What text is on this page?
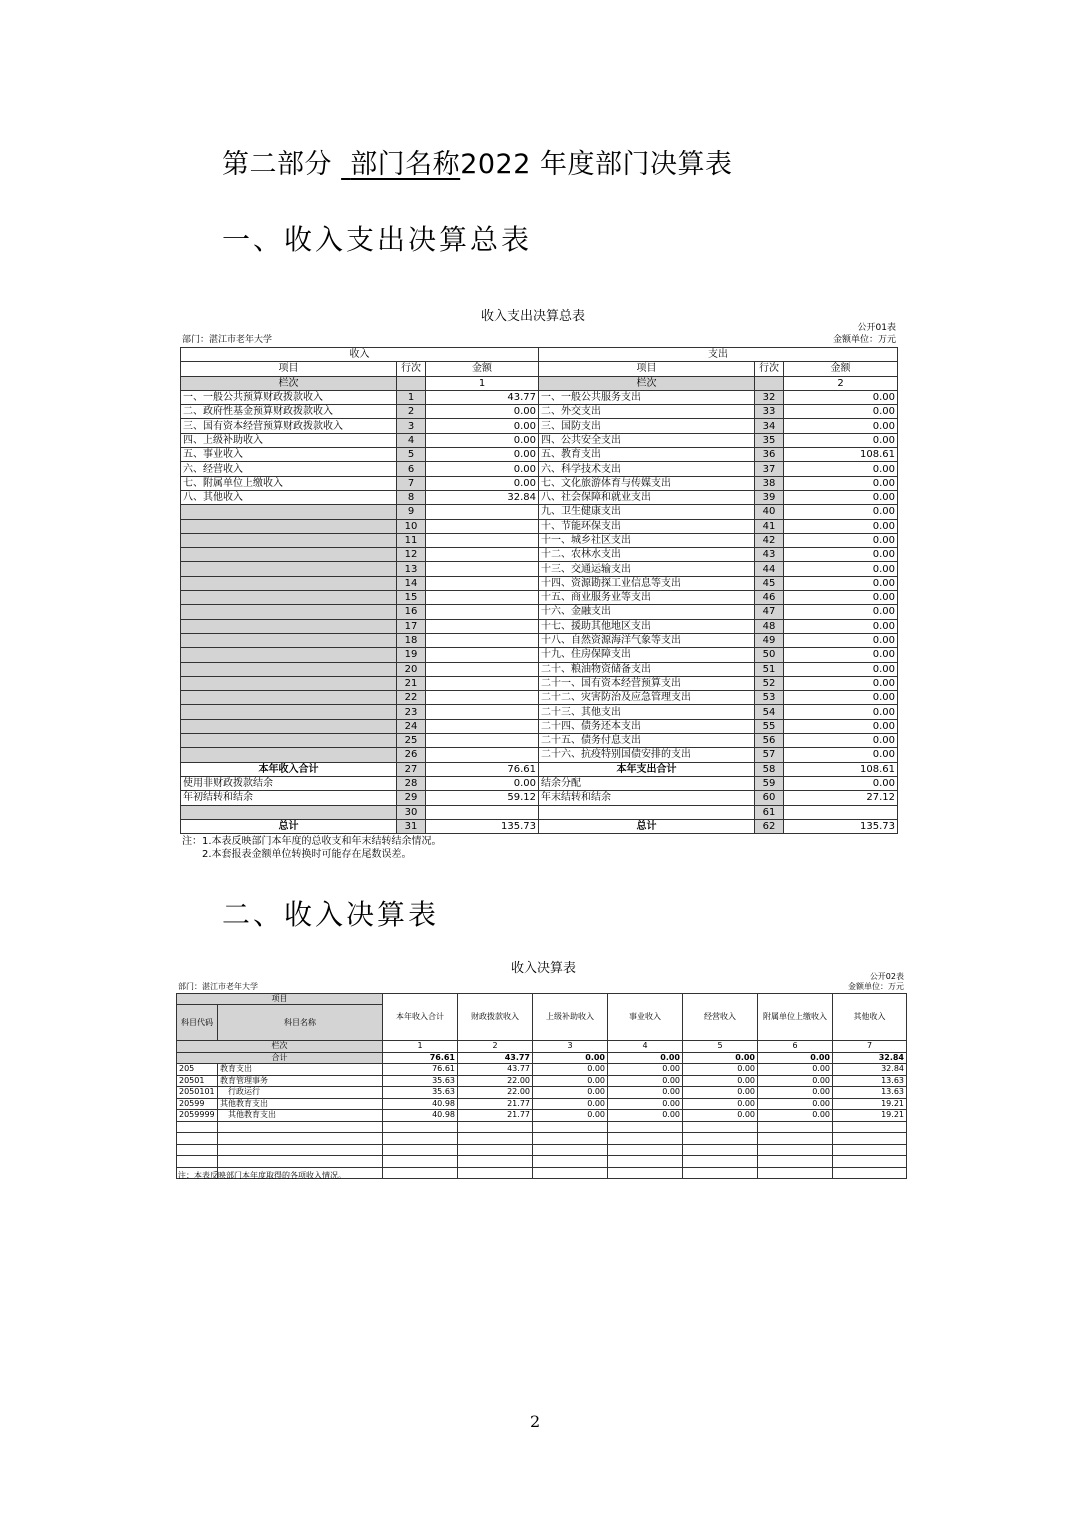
第二部分 部门名称2022 年度部门决算表
一、收入支出决算总表
收入支出决算总表
公开01表
部门：湛江市老年大学	金额单位：万元
收入			支出		
项目	行次	金额	项目	行次	金额
栏次		1	栏次		2
一、一般公共预算财政拨款收入	1	43.77	一、一般公共服务支出	32	0.00
二、政府性基金预算财政拨款收入	2	0.00	二、外交支出	33	0.00
三、国有资本经营预算财政拨款收入	3	0.00	三、国防支出	34	0.00
四、上级补助收入	4	0.00	四、公共安全支出	35	0.00
五、事业收入	5	0.00	五、教育支出	36	108.61
六、经营收入	6	0.00	六、科学技术支出	37	0.00
七、附属单位上缴收入	7	0.00	七、文化旅游体育与传媒支出	38	0.00
八、其他收入	8	32.84	八、社会保障和就业支出	39	0.00
	9		九、卫生健康支出	40	0.00
	10		十、节能环保支出	41	0.00
	11		十一、城乡社区支出	42	0.00
	12		十二、农林水支出	43	0.00
	13		十三、交通运输支出	44	0.00
	14		十四、资源勘探工业信息等支出	45	0.00
	15		十五、商业服务业等支出	46	0.00
	16		十六、金融支出	47	0.00
	17		十七、援助其他地区支出	48	0.00
	18		十八、自然资源海洋气象等支出	49	0.00
	19		十九、住房保障支出	50	0.00
	20		二十、粮油物资储备支出	51	0.00
	21		二十一、国有资本经营预算支出	52	0.00
	22		二十二、灾害防治及应急管理支出	53	0.00
	23		二十三、其他支出	54	0.00
	24		二十四、债务还本支出	55	0.00
	25		二十五、债务付息支出	56	0.00
	26		二十六、抗疫特别国债安排的支出	57	0.00
本年收入合计	27	76.61	本年支出合计	58	108.61
使用非财政拨款结余	28	0.00	结余分配	59	0.00
年初结转和结余	29	59.12	年末结转和结余	60	27.12
	30			61	
总计	31	135.73	总计	62	135.73
注：1.本表反映部门本年度的总收支和年末结转结余情况。
2.本套报表金额单位转换时可能存在尾数误差。
二、收入决算表
收入决算表
公开02表
部门：湛江市老年大学	金额单位：万元
项目		本年收入合计	财政拨款收入	上级补助收入	事业收入	经营收入	附属单位上缴收入	其他收入
科目代码	科目名称							

栏次		1	2	3	4	5	6	7
合计		76.61	43.77	0.00	0.00	0.00	0.00	32.84
205	教育支出	76.61	43.77	0.00	0.00	0.00	0.00	32.84
20501	教育管理事务	35.63	22.00	0.00	0.00	0.00	0.00	13.63
2050101	行政运行	35.63	22.00	0.00	0.00	0.00	0.00	13.63
20599	其他教育支出	40.98	21.77	0.00	0.00	0.00	0.00	19.21
2059999	其他教育支出	40.98	21.77	0.00	0.00	0.00	0.00	19.21

注：本表反映部门本年度取得的各项收入情况。
2
